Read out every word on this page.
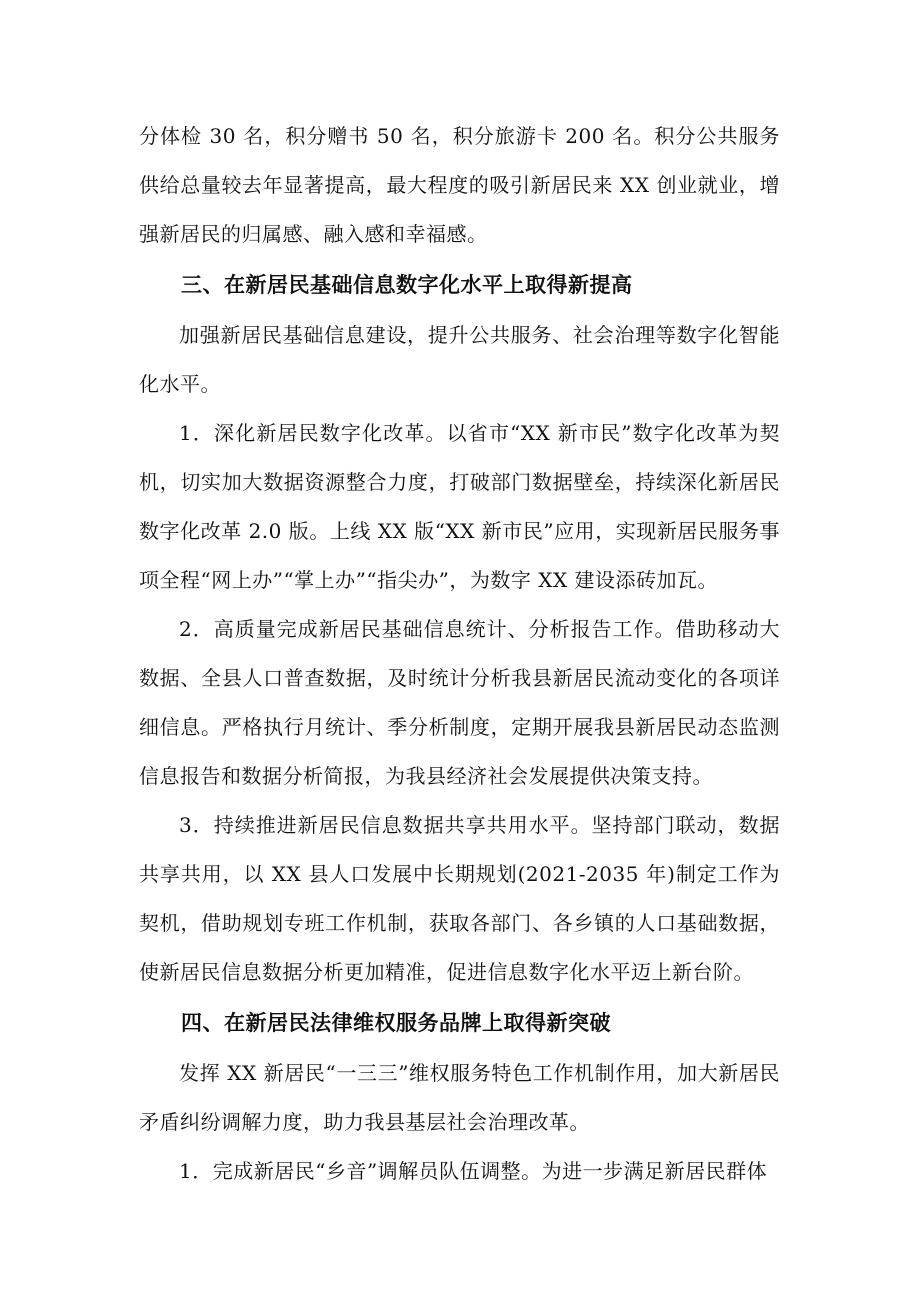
分体检 30 名，积分赠书 50 名，积分旅游卡 200 名。积分公共服务供给总量较去年显著提高，最大程度的吸引新居民来 XX 创业就业，增强新居民的归属感、融入感和幸福感。

三、在新居民基础信息数字化水平上取得新提高

加强新居民基础信息建设，提升公共服务、社会治理等数字化智能化水平。

1．深化新居民数字化改革。以省市“XX 新市民”数字化改革为契机，切实加大数据资源整合力度，打破部门数据壁垒，持续深化新居民数字化改革 2.0 版。上线 XX 版“XX 新市民”应用，实现新居民服务事项全程“网上办”“掌上办”“指尖办”，为数字 XX 建设添砖加瓦。

2．高质量完成新居民基础信息统计、分析报告工作。借助移动大数据、全县人口普查数据，及时统计分析我县新居民流动变化的各项详细信息。严格执行月统计、季分析制度，定期开展我县新居民动态监测信息报告和数据分析简报，为我县经济社会发展提供决策支持。

3．持续推进新居民信息数据共享共用水平。坚持部门联动，数据共享共用，以 XX 县人口发展中长期规划(2021-2035 年)制定工作为契机，借助规划专班工作机制，获取各部门、各乡镇的人口基础数据，使新居民信息数据分析更加精准，促进信息数字化水平迈上新台阶。

四、在新居民法律维权服务品牌上取得新突破

发挥 XX 新居民“一三三”维权服务特色工作机制作用，加大新居民矛盾纠纷调解力度，助力我县基层社会治理改革。

1．完成新居民“乡音”调解员队伍调整。为进一步满足新居民群体
